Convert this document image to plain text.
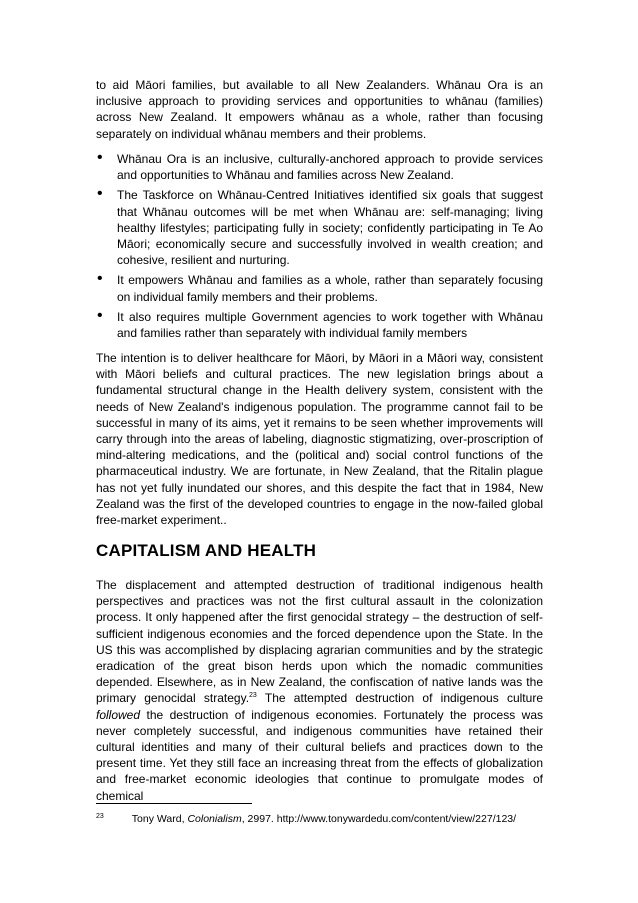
to aid Māori families, but available to all New Zealanders. Whānau Ora is an inclusive approach to providing services and opportunities to whānau (families) across New Zealand. It empowers whānau as a whole, rather than focusing separately on individual whānau members and their problems.

• Whānau Ora is an inclusive, culturally-anchored approach to provide services and opportunities to Whānau and families across New Zealand.
• The Taskforce on Whānau-Centred Initiatives identified six goals that suggest that Whānau outcomes will be met when Whānau are: self-managing; living healthy lifestyles; participating fully in society; confidently participating in Te Ao Māori; economically secure and successfully involved in wealth creation; and cohesive, resilient and nurturing.
• It empowers Whānau and families as a whole, rather than separately focusing on individual family members and their problems.
• It also requires multiple Government agencies to work together with Whānau and families rather than separately with individual family members

The intention is to deliver healthcare for Māori, by Māori in a Māori way, consistent with Māori beliefs and cultural practices. The new legislation brings about a fundamental structural change in the Health delivery system, consistent with the needs of New Zealand's indigenous population. The programme cannot fail to be successful in many of its aims, yet it remains to be seen whether improvements will carry through into the areas of labeling, diagnostic stigmatizing, over-proscription of mind-altering medications, and the (political and) social control functions of the pharmaceutical industry. We are fortunate, in New Zealand, that the Ritalin plague has not yet fully inundated our shores, and this despite the fact that in 1984, New Zealand was the first of the developed countries to engage in the now-failed global free-market experiment..

CAPITALISM AND HEALTH

The displacement and attempted destruction of traditional indigenous health perspectives and practices was not the first cultural assault in the colonization process. It only happened after the first genocidal strategy – the destruction of self-sufficient indigenous economies and the forced dependence upon the State. In the US this was accomplished by displacing agrarian communities and by the strategic eradication of the great bison herds upon which the nomadic communities depended. Elsewhere, as in New Zealand, the confiscation of native lands was the primary genocidal strategy.$^{23}$ The attempted destruction of indigenous culture followed the destruction of indigenous economies. Fortunately the process was never completely successful, and indigenous communities have retained their cultural identities and many of their cultural beliefs and practices down to the present time. Yet they still face an increasing threat from the effects of globalization and free-market economic ideologies that continue to promulgate modes of chemical

$^{23}$	Tony Ward, Colonialism, 2997. http://www.tonywardedu.com/content/view/227/123/
